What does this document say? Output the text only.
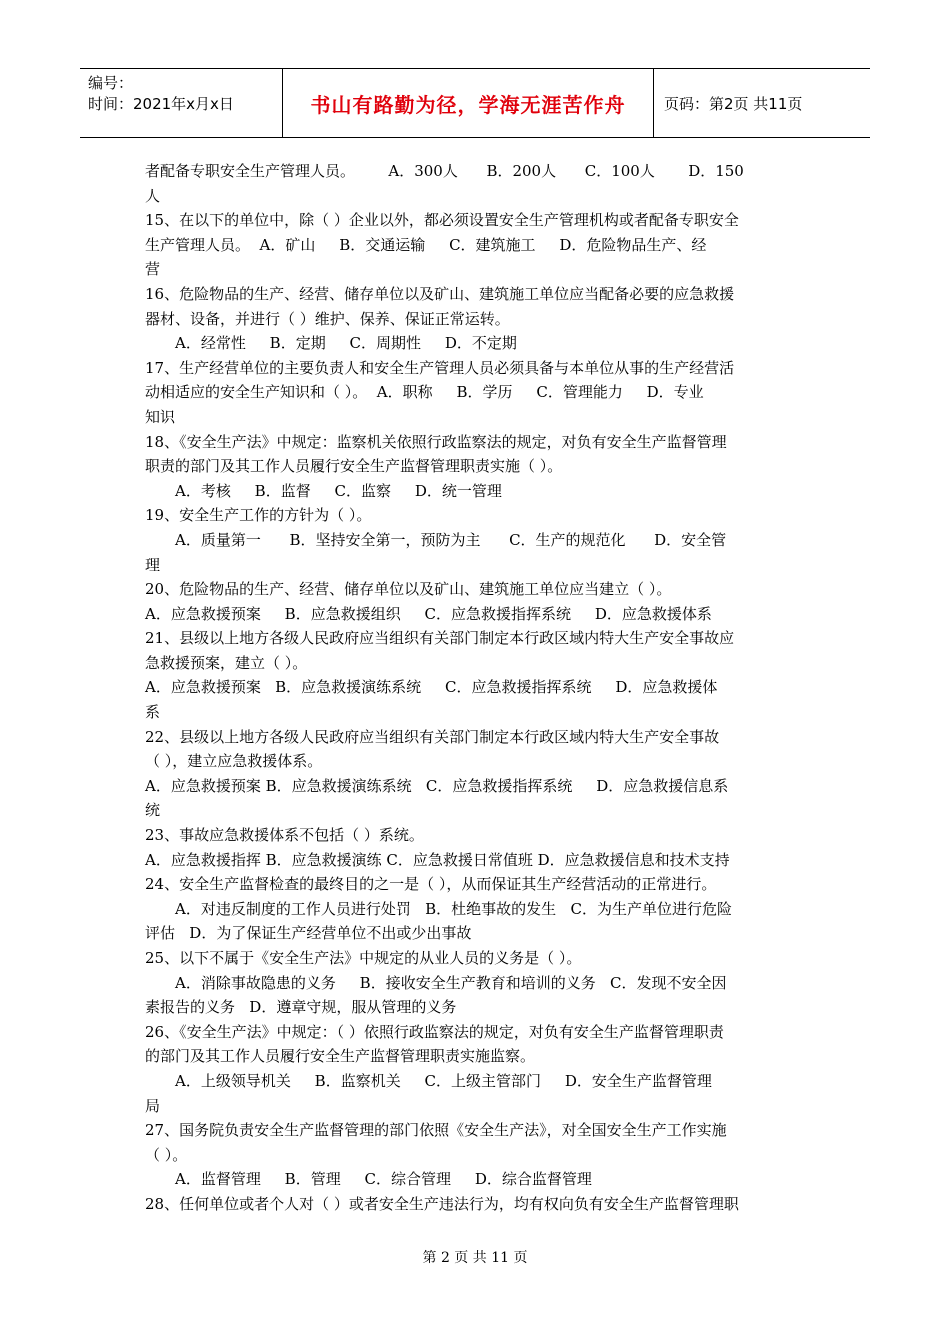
编号：
时间：2021年x月x日	书山有路勤为径，学海无涯苦作舟	页码：第2页 共11页
者配备专职安全生产管理人员。       A．300人      B．200人      C．100人       D．150
人
15、在以下的单位中，除（ ）企业以外，都必须设置安全生产管理机构或者配备专职安全
生产管理人员。  A．矿山     B．交通运输     C．建筑施工     D．危险物品生产、经
营
16、危险物品的生产、经营、储存单位以及矿山、建筑施工单位应当配备必要的应急救援
器材、设备，并进行（ ）维护、保养、保证正常运转。
A．经常性     B．定期     C．周期性     D．不定期
17、生产经营单位的主要负责人和安全生产管理人员必须具备与本单位从事的生产经营活
动相适应的安全生产知识和（ ）。  A．职称     B．学历     C．管理能力     D．专业
知识
18、《安全生产法》中规定：监察机关依照行政监察法的规定，对负有安全生产监督管理
职责的部门及其工作人员履行安全生产监督管理职责实施（ ）。
A．考核     B．监督     C．监察     D．统一管理
19、安全生产工作的方针为（ ）。
A．质量第一      B．坚持安全第一，预防为主      C．生产的规范化      D．安全管
理
20、危险物品的生产、经营、储存单位以及矿山、建筑施工单位应当建立（ ）。
A．应急救援预案     B．应急救援组织     C．应急救援指挥系统     D．应急救援体系
21、县级以上地方各级人民政府应当组织有关部门制定本行政区域内特大生产安全事故应
急救援预案，建立（ ）。
A．应急救援预案   B．应急救援演练系统     C．应急救援指挥系统     D．应急救援体
系
22、县级以上地方各级人民政府应当组织有关部门制定本行政区域内特大生产安全事故
（ ），建立应急救援体系。
A．应急救援预案 B．应急救援演练系统   C．应急救援指挥系统     D．应急救援信息系
统
23、事故应急救援体系不包括（ ）系统。
A．应急救援指挥 B．应急救援演练 C．应急救援日常值班 D．应急救援信息和技术支持
24、安全生产监督检查的最终目的之一是（ ），从而保证其生产经营活动的正常进行。
A．对违反制度的工作人员进行处罚   B．杜绝事故的发生   C．为生产单位进行危险
评估   D．为了保证生产经营单位不出或少出事故
25、以下不属于《安全生产法》中规定的从业人员的义务是（ ）。
A．消除事故隐患的义务     B．接收安全生产教育和培训的义务   C．发现不安全因
素报告的义务   D．遵章守规，服从管理的义务
26、《安全生产法》中规定：（ ）依照行政监察法的规定，对负有安全生产监督管理职责
的部门及其工作人员履行安全生产监督管理职责实施监察。
A．上级领导机关     B．监察机关     C．上级主管部门     D．安全生产监督管理
局
27、国务院负责安全生产监督管理的部门依照《安全生产法》，对全国安全生产工作实施
（ ）。
A．监督管理     B．管理     C．综合管理     D．综合监督管理
28、任何单位或者个人对（ ）或者安全生产违法行为，均有权向负有安全生产监督管理职
第 2 页 共 11 页
